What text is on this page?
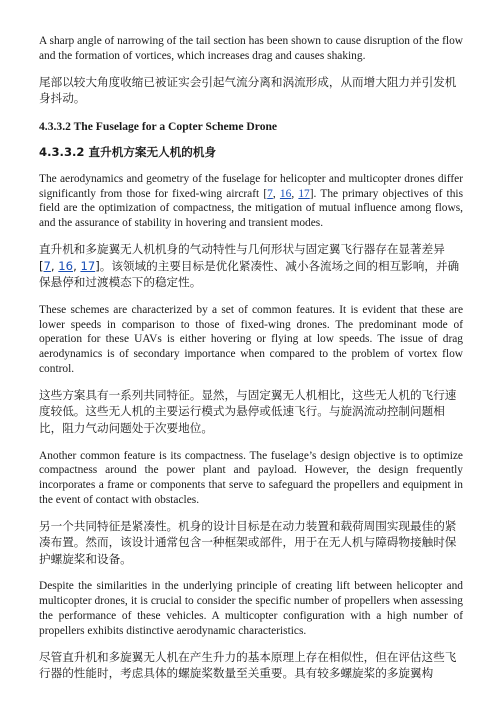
A sharp angle of narrowing of the tail section has been shown to cause disruption of the flow and the formation of vortices, which increases drag and causes shaking.

尾部以较大角度收缩已被证实会引起气流分离和涡流形成，从而增大阻力并引发机身抖动。

4.3.3.2 The Fuselage for a Copter Scheme Drone

4.3.3.2 直升机方案无人机的机身

The aerodynamics and geometry of the fuselage for helicopter and multicopter drones differ significantly from those for fixed-wing aircraft [7, 16, 17]. The primary objectives of this field are the optimization of compactness, the mitigation of mutual influence among flows, and the assurance of stability in hovering and transient modes.

直升机和多旋翼无人机机身的气动特性与几何形状与固定翼飞行器存在显著差异 [7, 16, 17]。该领域的主要目标是优化紧凑性、减小各流场之间的相互影响，并确保悬停和过渡模态下的稳定性。

These schemes are characterized by a set of common features. It is evident that these are lower speeds in comparison to those of fixed-wing drones. The predominant mode of operation for these UAVs is either hovering or flying at low speeds. The issue of drag aerodynamics is of secondary importance when compared to the problem of vortex flow control.

这些方案具有一系列共同特征。显然，与固定翼无人机相比，这些无人机的飞行速度较低。这些无人机的主要运行模式为悬停或低速飞行。与旋涡流动控制问题相比，阻力气动问题处于次要地位。

Another common feature is its compactness. The fuselage’s design objective is to optimize compactness around the power plant and payload. However, the design frequently incorporates a frame or components that serve to safeguard the propellers and equipment in the event of contact with obstacles.

另一个共同特征是紧凑性。机身的设计目标是在动力装置和载荷周围实现最佳的紧凑布置。然而，该设计通常包含一种框架或部件，用于在无人机与障碍物接触时保护螺旋桨和设备。

Despite the similarities in the underlying principle of creating lift between helicopter and multicopter drones, it is crucial to consider the specific number of propellers when assessing the performance of these vehicles. A multicopter configuration with a high number of propellers exhibits distinctive aerodynamic characteristics.

尽管直升机和多旋翼无人机在产生升力的基本原理上存在相似性，但在评估这些飞行器的性能时，考虑具体的螺旋桨数量至关重要。具有较多螺旋桨的多旋翼构
